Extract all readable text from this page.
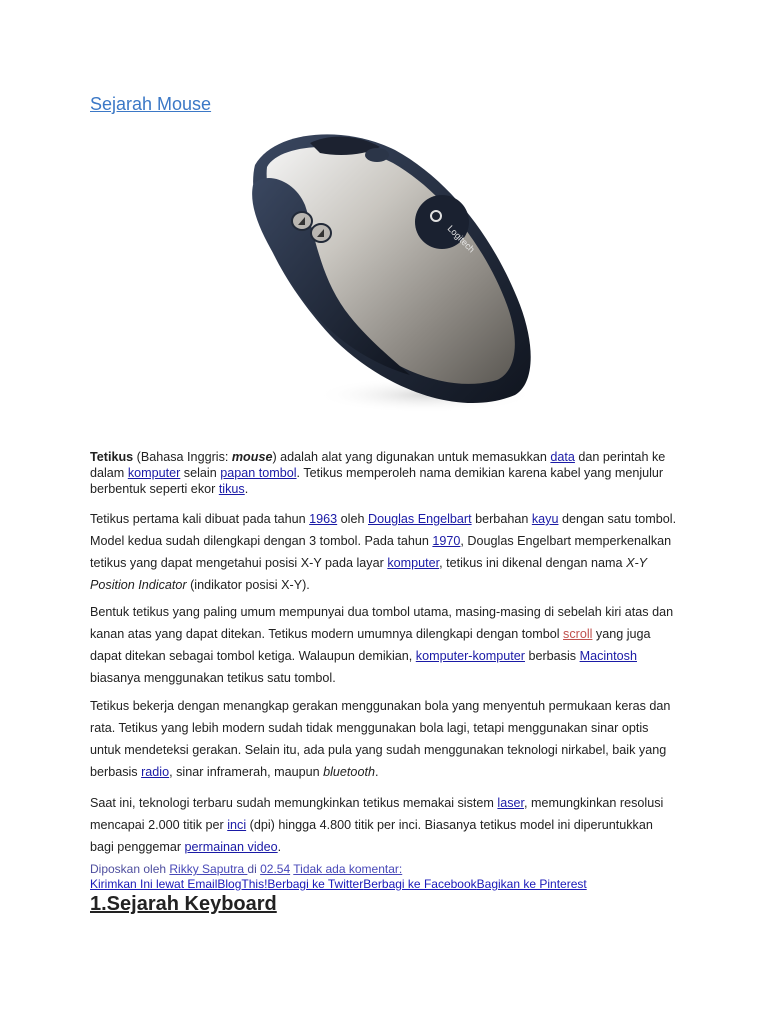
Sejarah Mouse
Logitech

Tetikus (Bahasa Inggris: mouse) adalah alat yang digunakan untuk memasukkan data dan perintah ke dalam komputer selain papan tombol. Tetikus memperoleh nama demikian karena kabel yang menjulur berbentuk seperti ekor tikus.

Tetikus pertama kali dibuat pada tahun 1963 oleh Douglas Engelbart berbahan kayu dengan satu tombol. Model kedua sudah dilengkapi dengan 3 tombol. Pada tahun 1970, Douglas Engelbart memperkenalkan tetikus yang dapat mengetahui posisi X-Y pada layar komputer, tetikus ini dikenal dengan nama X-Y Position Indicator (indikator posisi X-Y).

Bentuk tetikus yang paling umum mempunyai dua tombol utama, masing-masing di sebelah kiri atas dan kanan atas yang dapat ditekan. Tetikus modern umumnya dilengkapi dengan tombol scroll yang juga dapat ditekan sebagai tombol ketiga. Walaupun demikian, komputer-komputer berbasis Macintosh biasanya menggunakan tetikus satu tombol.

Tetikus bekerja dengan menangkap gerakan menggunakan bola yang menyentuh permukaan keras dan rata. Tetikus yang lebih modern sudah tidak menggunakan bola lagi, tetapi menggunakan sinar optis untuk mendeteksi gerakan. Selain itu, ada pula yang sudah menggunakan teknologi nirkabel, baik yang berbasis radio, sinar inframerah, maupun bluetooth.

Saat ini, teknologi terbaru sudah memungkinkan tetikus memakai sistem laser, memungkinkan resolusi mencapai 2.000 titik per inci (dpi) hingga 4.800 titik per inci. Biasanya tetikus model ini diperuntukkan bagi penggemar permainan video.

Diposkan oleh Rikky Saputra di 02.54 Tidak ada komentar:
Kirimkan Ini lewat EmailBlogThis!Berbagi ke TwitterBerbagi ke FacebookBagikan ke Pinterest
1.Sejarah Keyboard
